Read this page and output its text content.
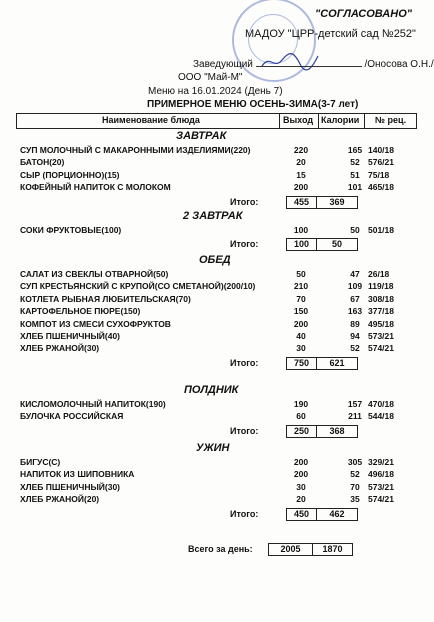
"СОГЛАСОВАНО"
МАДОУ "ЦРР-детский сад №252"
Заведующий	/Оносова О.Н./
ООО "Май-М"
Меню на 16.01.2024 (День 7)
ПРИМЕРНОЕ МЕНЮ ОСЕНЬ-ЗИМА(3-7 лет)
Наименование блюда	Выход Калории № рец.
ЗАВТРАК
СУП МОЛОЧНЫЙ С МАКАРОННЫМИ ИЗДЕЛИЯМИ(220)	220	165 140/18
БАТОН(20)	20	52 576/21
СЫР (ПОРЦИОННО)(15)	15	51 75/18
КОФЕЙНЫЙ НАПИТОК С МОЛОКОМ	200	101 465/18
Итого:	455	369
2 ЗАВТРАК
СОКИ ФРУКТОВЫЕ(100)	100	50 501/18
Итого:	100	50
ОБЕД
САЛАТ ИЗ СВЕКЛЫ ОТВАРНОЙ(50)	50	47 26/18
СУП КРЕСТЬЯНСКИЙ С КРУПОЙ(СО СМЕТАНОЙ)(200/10)	210	109 119/18
КОТЛЕТА РЫБНАЯ ЛЮБИТЕЛЬСКАЯ(70)	70	67 308/18
КАРТОФЕЛЬНОЕ ПЮРЕ(150)	150	163 377/18
КОМПОТ ИЗ СМЕСИ СУХОФРУКТОВ	200	89 495/18
ХЛЕБ ПШЕНИЧНЫЙ(40)	40	94 573/21
ХЛЕБ РЖАНОЙ(30)	30	52 574/21
Итого:	750	621
ПОЛДНИК
КИСЛОМОЛОЧНЫЙ НАПИТОК(190)	190	157 470/18
БУЛОЧКА РОССИЙСКАЯ	60	211 544/18
Итого:	250	368
УЖИН
БИГУС(С)	200	305 329/21
НАПИТОК ИЗ ШИПОВНИКА	200	52 496/18
ХЛЕБ ПШЕНИЧНЫЙ(30)	30	70 573/21
ХЛЕБ РЖАНОЙ(20)	20	35 574/21
Итого:	450	462
Всего за день:	2005	1870
